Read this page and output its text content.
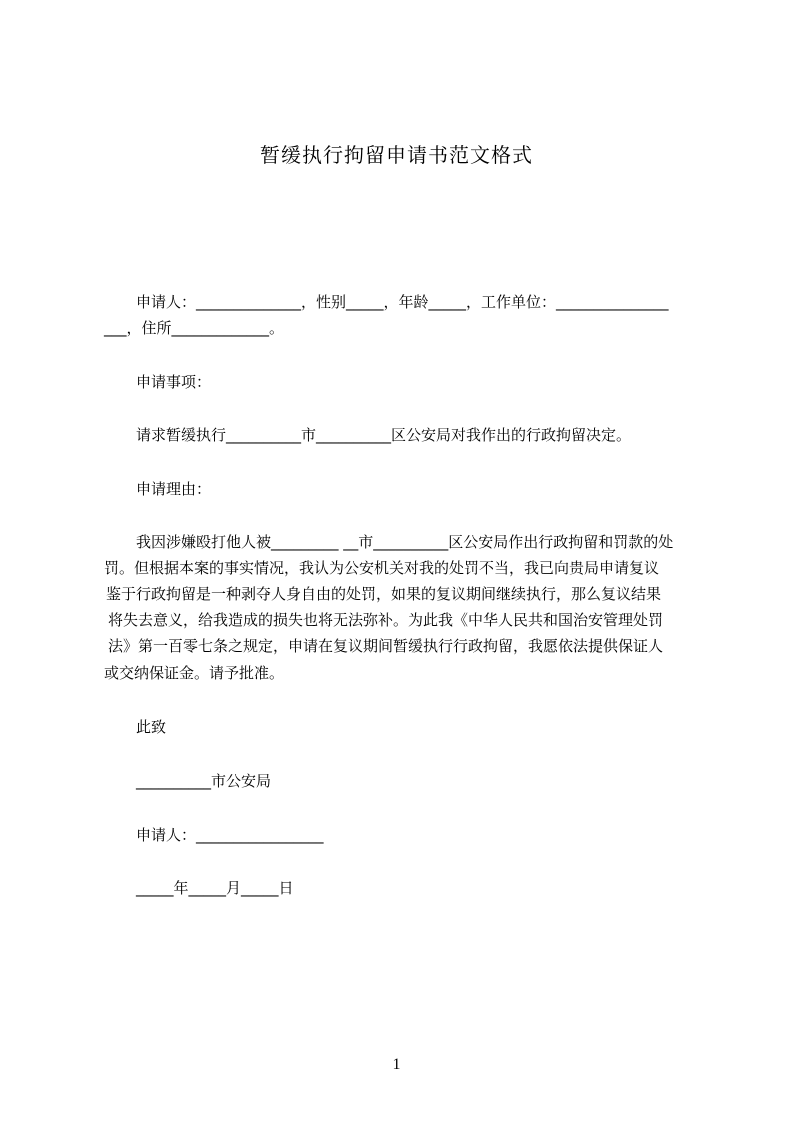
暂缓执行拘留申请书范文格式
申请人：______________，性别_____，年龄_____，工作单位：_______________
___，住所_____________。
申请事项：
请求暂缓执行__________市__________区公安局对我作出的行政拘留决定。
申请理由：
我因涉嫌殴打他人被_________ __市__________区公安局作出行政拘留和罚款的处
罚。但根据本案的事实情况，我认为公安机关对我的处罚不当，我已向贵局申请复议
鉴于行政拘留是一种剥夺人身自由的处罚，如果的复议期间继续执行，那么复议结果
将失去意义，给我造成的损失也将无法弥补。为此我《中华人民共和国治安管理处罚
法》第一百零七条之规定，申请在复议期间暂缓执行行政拘留，我愿依法提供保证人
或交纳保证金。请予批准。
此致
__________市公安局
申请人：_________________
_____年_____月_____日
1
